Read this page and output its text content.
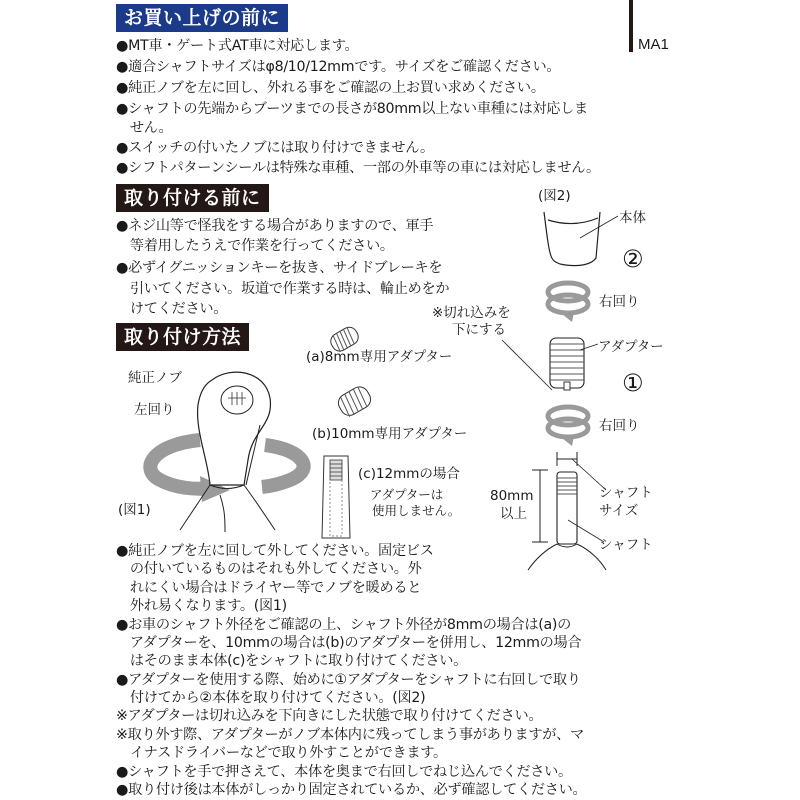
MA1
お買い上げの前に
●MT車・ゲート式AT車に対応します。
●適合シャフトサイズはφ8/10/12mmです。サイズをご確認ください。
●純正ノブを左に回し、外れる事をご確認の上お買い求めください。
●シャフトの先端からブーツまでの長さが80mm以上ない車種には対応しま
　せん。
●スイッチの付いたノブには取り付けできません。
●シフトパターンシールは特殊な車種、一部の外車等の車には対応しません。
取り付ける前に
●ネジ山等で怪我をする場合がありますので、軍手
　等着用したうえで作業を行ってください。
●必ずイグニッションキーを抜き、サイドブレーキを
　引いてください。坂道で作業する時は、輪止めをか
　けてください。
取り付け方法
純正ノブ
左回り
(図1)
(a)8mm専用アダプター
(b)10mm専用アダプター
(c)12mmの場合
アダプターは
使用しません。
(図2)
本体
②
右回り
※切れ込みを
下にする
アダプター
①
右回り
80mm
以上
シャフト
サイズ
シャフト
●純正ノブを左に回して外してください。固定ビス
　の付いているものはそれも外してください。外
　れにくい場合はドライヤー等でノブを暖めると
　外れ易くなります。(図1)
●お車のシャフト外径をご確認の上、シャフト外径が8mmの場合は(a)の
　アダプターを、10mmの場合は(b)のアダプターを併用し、12mmの場合
　はそのまま本体(c)をシャフトに取り付けてください。
●アダプターを使用する際、始めに①アダプターをシャフトに右回しで取り
　付けてから②本体を取り付けてください。(図2)
※アダプターは切れ込みを下向きにした状態で取り付けてください。
※取り外す際、アダプターがノブ本体内に残ってしまう事がありますが、マ
　イナスドライバーなどで取り外すことができます。
●シャフトを手で押さえて、本体を奥まで右回しでねじ込んでください。
●取り付け後は本体がしっかり固定されているか、必ず確認してください。
